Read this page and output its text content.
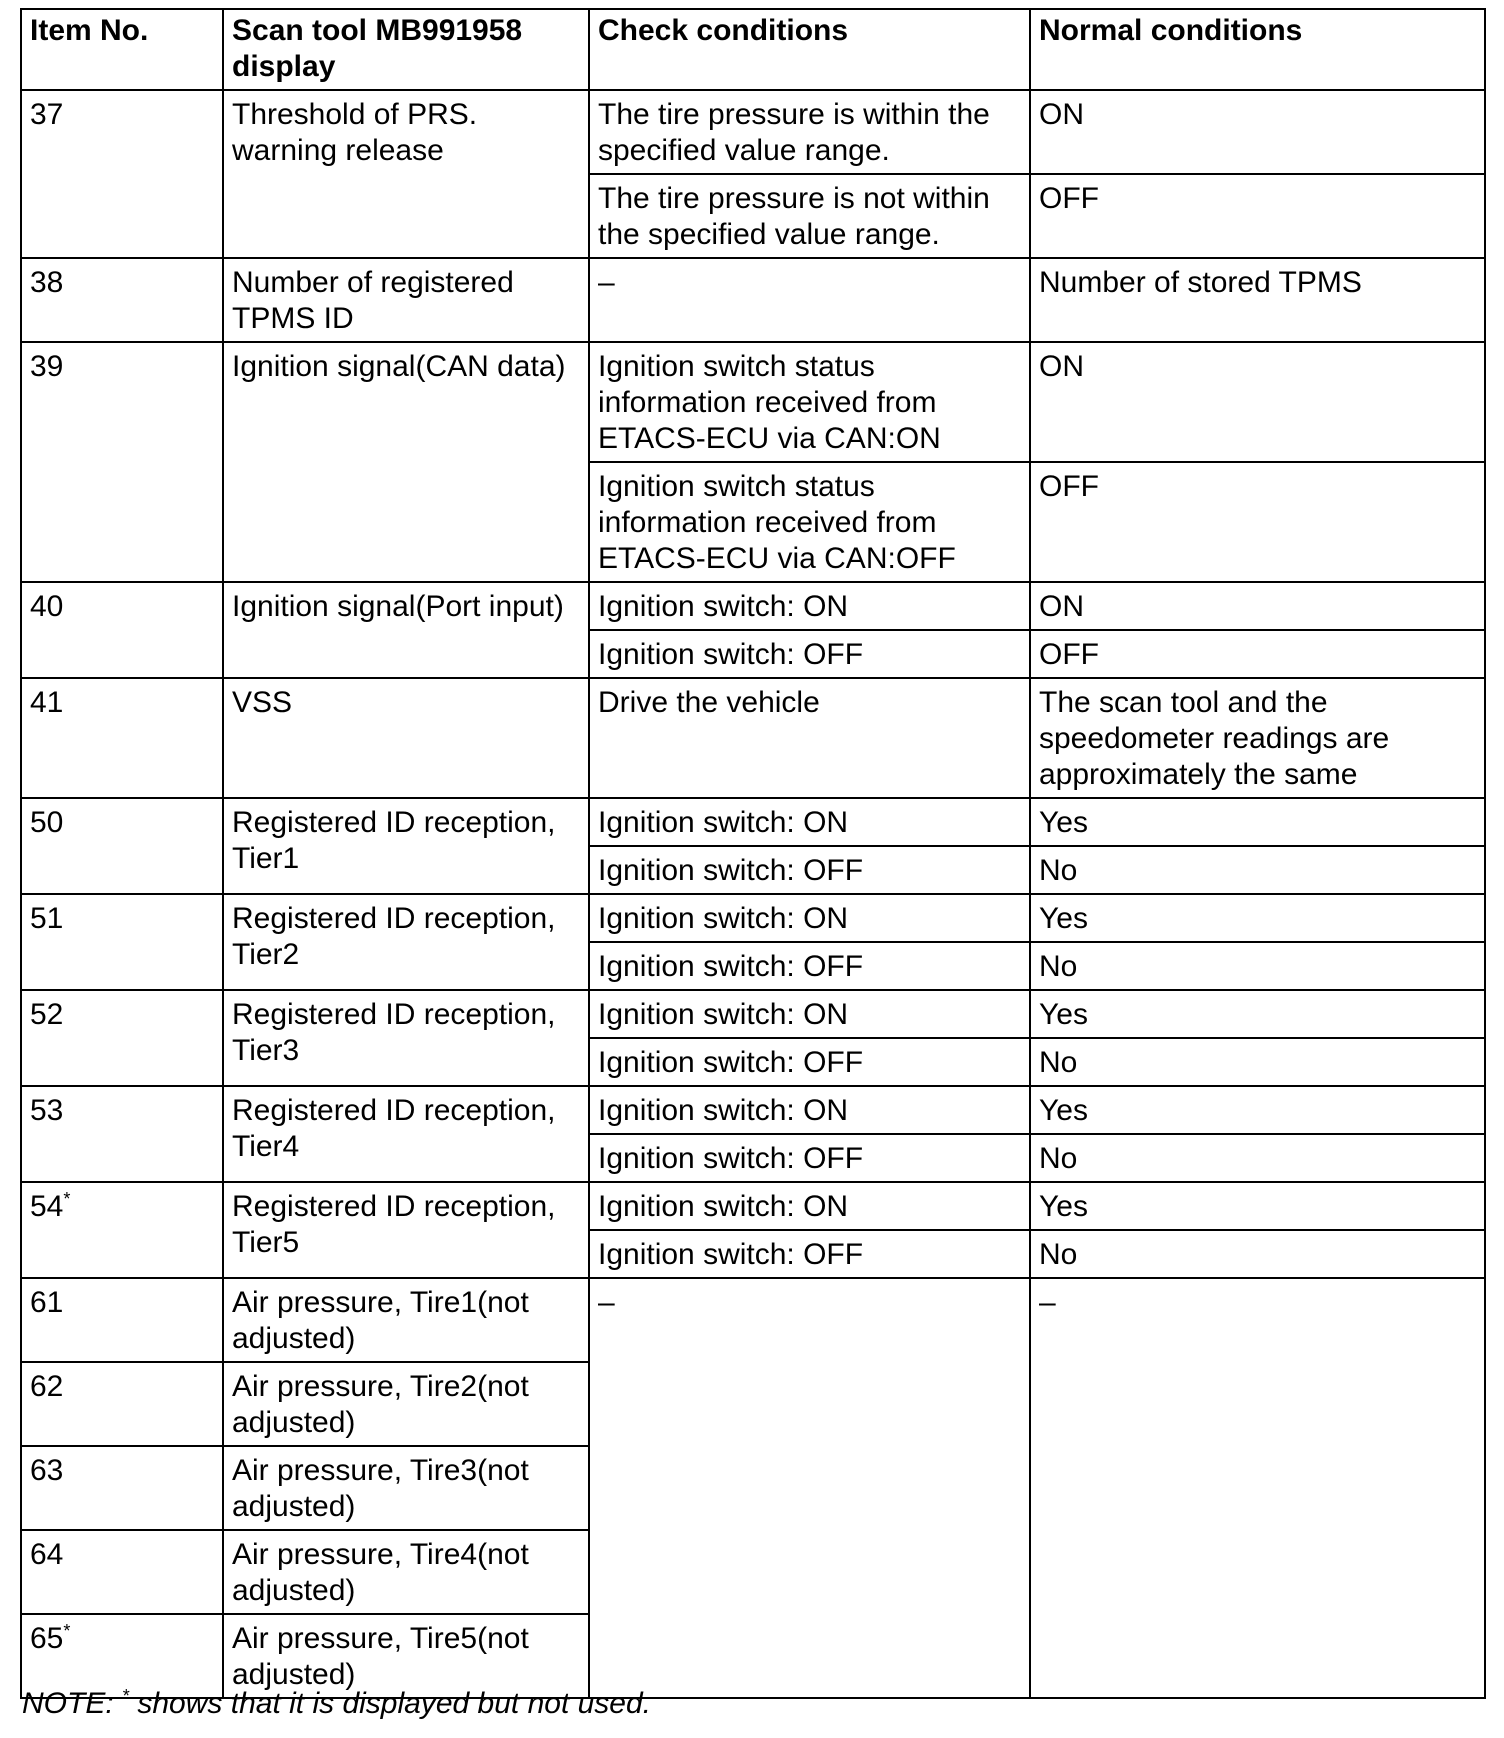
Item No.	Scan tool MB991958 display	Check conditions	Normal conditions
37	Threshold of PRS. warning release	The tire pressure is within the specified value range.	ON
		The tire pressure is not within the specified value range.	OFF
38	Number of registered TPMS ID	–	Number of stored TPMS
39	Ignition signal(CAN data)	Ignition switch status information received from ETACS-ECU via CAN:ON	ON
		Ignition switch status information received from ETACS-ECU via CAN:OFF	OFF
40	Ignition signal(Port input)	Ignition switch: ON	ON
		Ignition switch: OFF	OFF
41	VSS	Drive the vehicle	The scan tool and the speedometer readings are approximately the same
50	Registered ID reception, Tier1	Ignition switch: ON	Yes
		Ignition switch: OFF	No
51	Registered ID reception, Tier2	Ignition switch: ON	Yes
		Ignition switch: OFF	No
52	Registered ID reception, Tier3	Ignition switch: ON	Yes
		Ignition switch: OFF	No
53	Registered ID reception, Tier4	Ignition switch: ON	Yes
		Ignition switch: OFF	No
54*	Registered ID reception, Tier5	Ignition switch: ON	Yes
		Ignition switch: OFF	No
61	Air pressure, Tire1(not adjusted)	–	–
62	Air pressure, Tire2(not adjusted)		
63	Air pressure, Tire3(not adjusted)		
64	Air pressure, Tire4(not adjusted)		
65*	Air pressure, Tire5(not adjusted)		
NOTE: * shows that it is displayed but not used.
